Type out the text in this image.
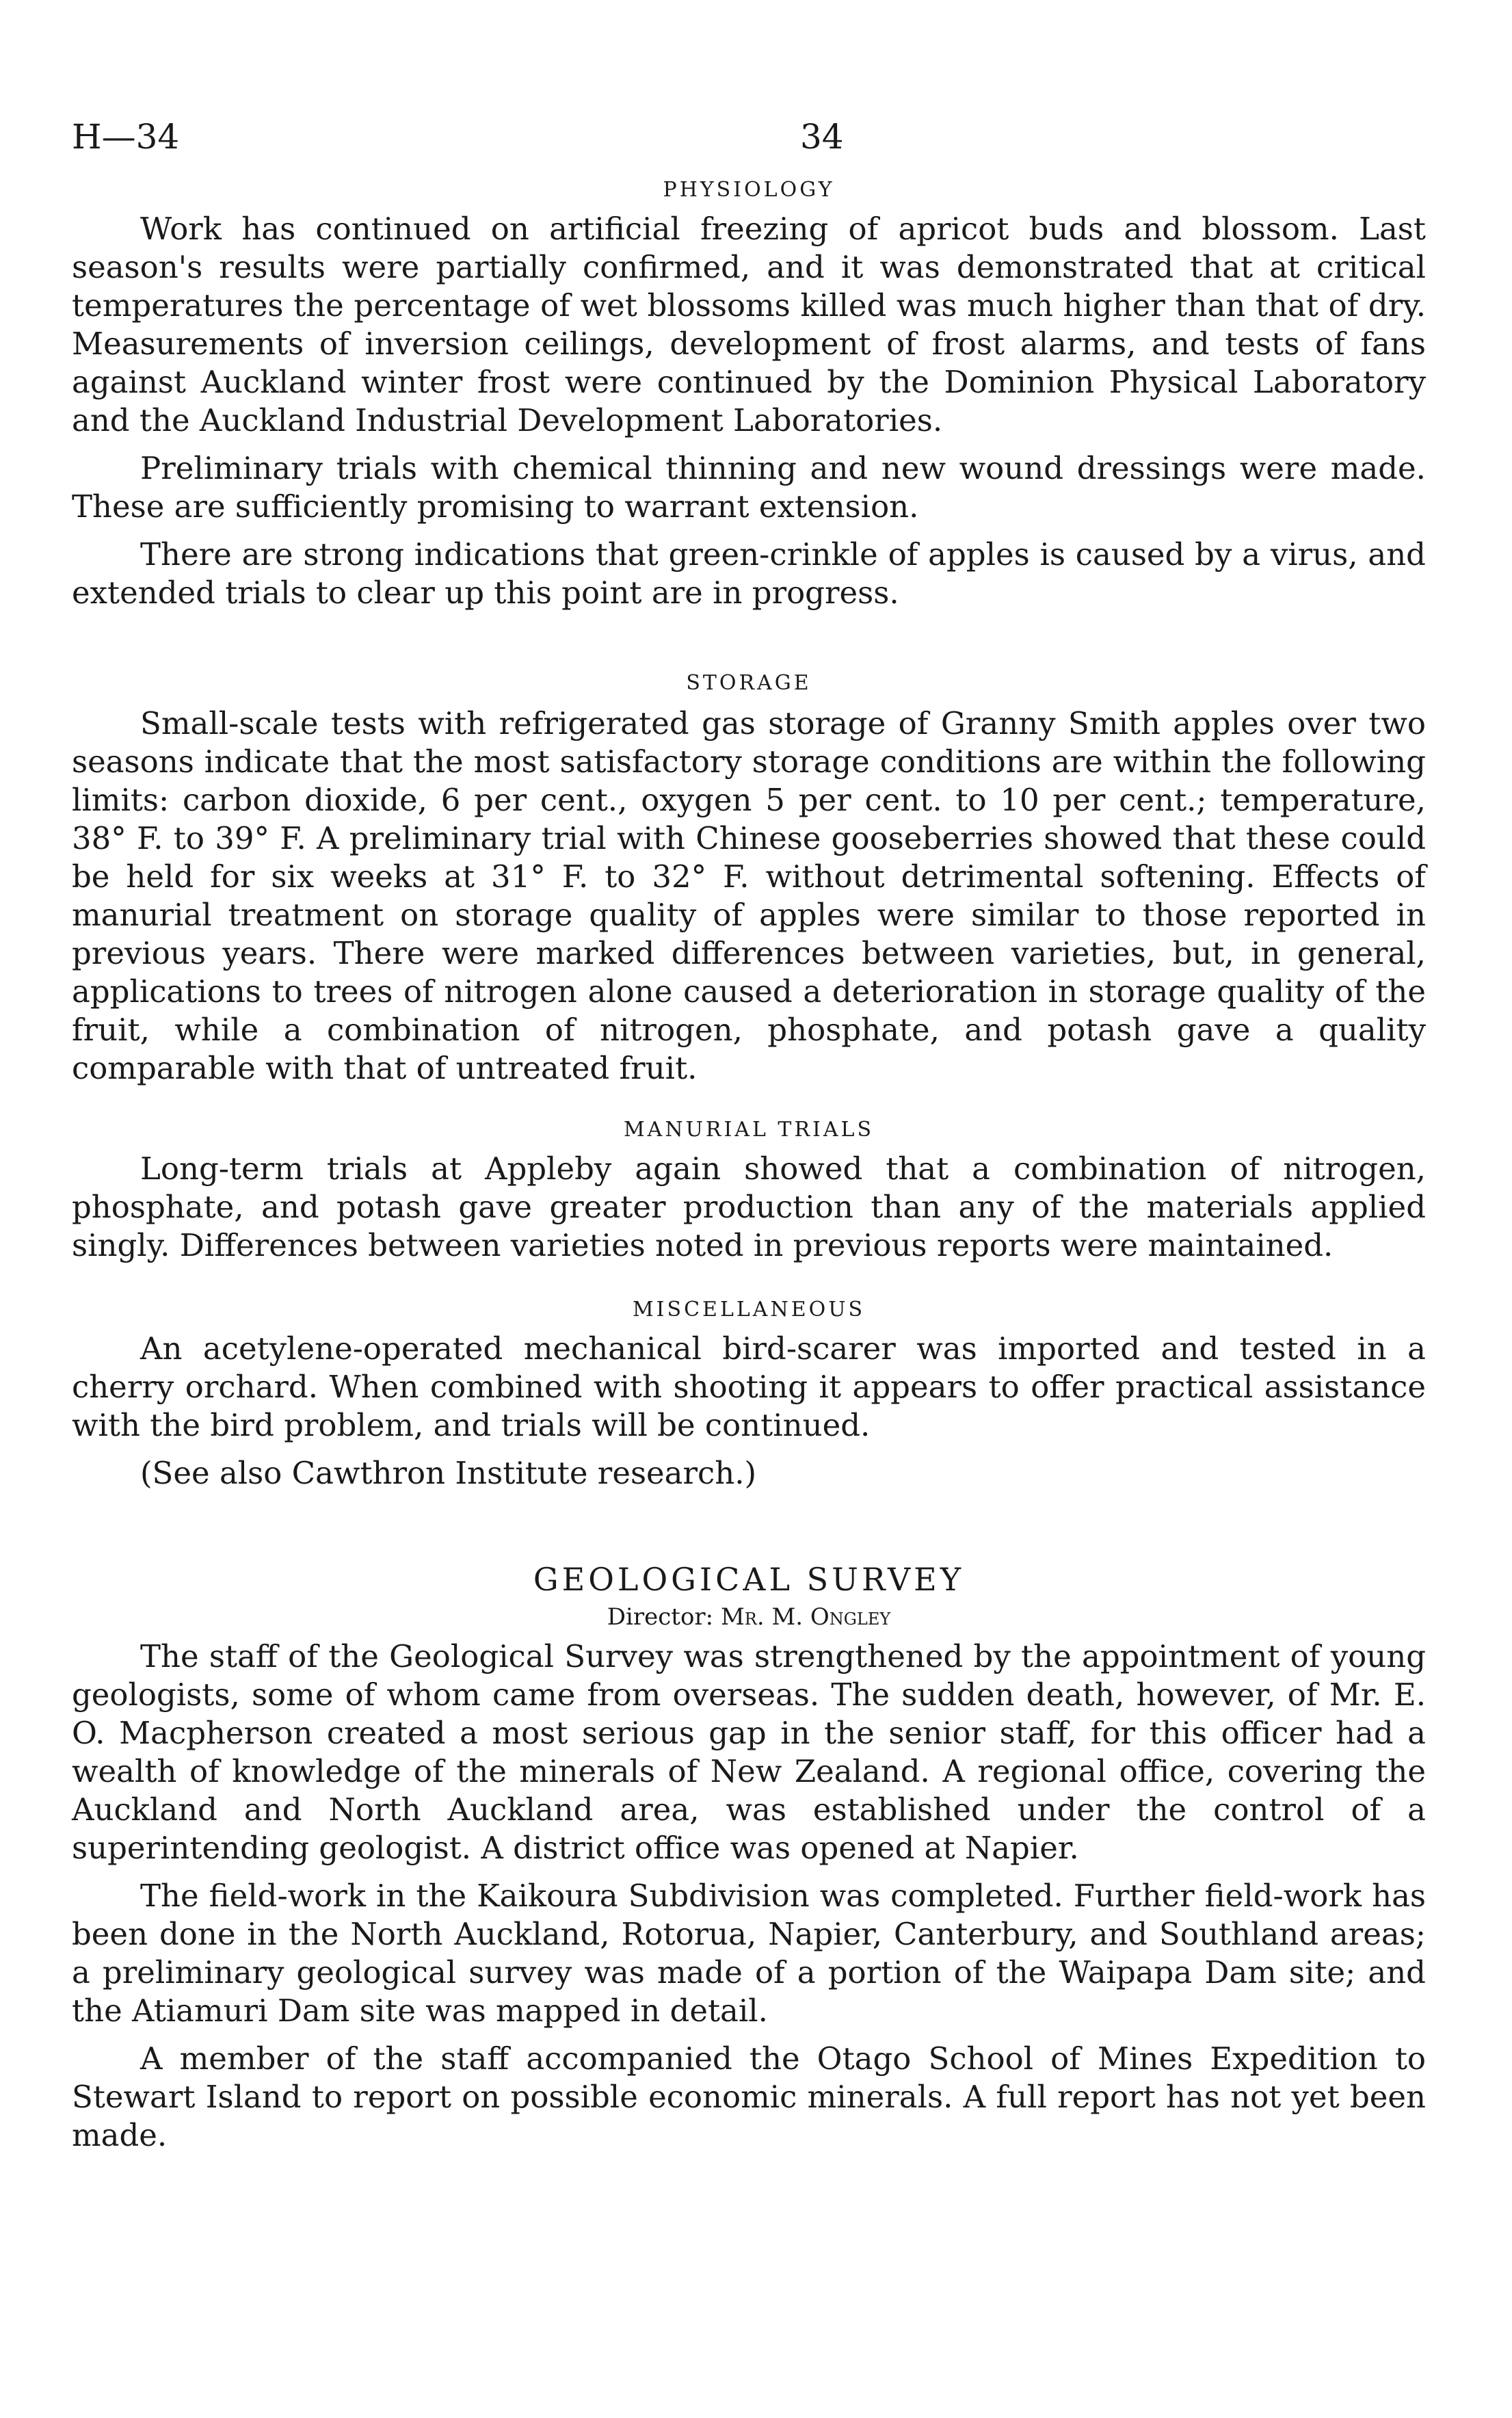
H—34	34
PHYSIOLOGY

Work has continued on artificial freezing of apricot buds and blossom. Last season's results were partially confirmed, and it was demonstrated that at critical temperatures the percentage of wet blossoms killed was much higher than that of dry. Measurements of inversion ceilings, development of frost alarms, and tests of fans against Auckland winter frost were continued by the Dominion Physical Laboratory and the Auckland Industrial Development Laboratories.

Preliminary trials with chemical thinning and new wound dressings were made. These are sufficiently promising to warrant extension.

There are strong indications that green-crinkle of apples is caused by a virus, and extended trials to clear up this point are in progress.

STORAGE

Small-scale tests with refrigerated gas storage of Granny Smith apples over two seasons indicate that the most satisfactory storage conditions are within the following limits: carbon dioxide, 6 per cent., oxygen 5 per cent. to 10 per cent.; temperature, 38° F. to 39° F. A preliminary trial with Chinese gooseberries showed that these could be held for six weeks at 31° F. to 32° F. without detrimental softening. Effects of manurial treatment on storage quality of apples were similar to those reported in previous years. There were marked differences between varieties, but, in general, applications to trees of nitrogen alone caused a deterioration in storage quality of the fruit, while a combination of nitrogen, phosphate, and potash gave a quality comparable with that of untreated fruit.

MANURIAL TRIALS

Long-term trials at Appleby again showed that a combination of nitrogen, phosphate, and potash gave greater production than any of the materials applied singly. Differences between varieties noted in previous reports were maintained.

MISCELLANEOUS

An acetylene-operated mechanical bird-scarer was imported and tested in a cherry orchard. When combined with shooting it appears to offer practical assistance with the bird problem, and trials will be continued.

(See also Cawthron Institute research.)

GEOLOGICAL SURVEY
Director: Mr. M. Ongley

The staff of the Geological Survey was strengthened by the appointment of young geologists, some of whom came from overseas. The sudden death, however, of Mr. E. O. Macpherson created a most serious gap in the senior staff, for this officer had a wealth of knowledge of the minerals of New Zealand. A regional office, covering the Auckland and North Auckland area, was established under the control of a superintending geologist. A district office was opened at Napier.

The field-work in the Kaikoura Subdivision was completed. Further field-work has been done in the North Auckland, Rotorua, Napier, Canterbury, and Southland areas; a preliminary geological survey was made of a portion of the Waipapa Dam site; and the Atiamuri Dam site was mapped in detail.

A member of the staff accompanied the Otago School of Mines Expedition to Stewart Island to report on possible economic minerals. A full report has not yet been made.
